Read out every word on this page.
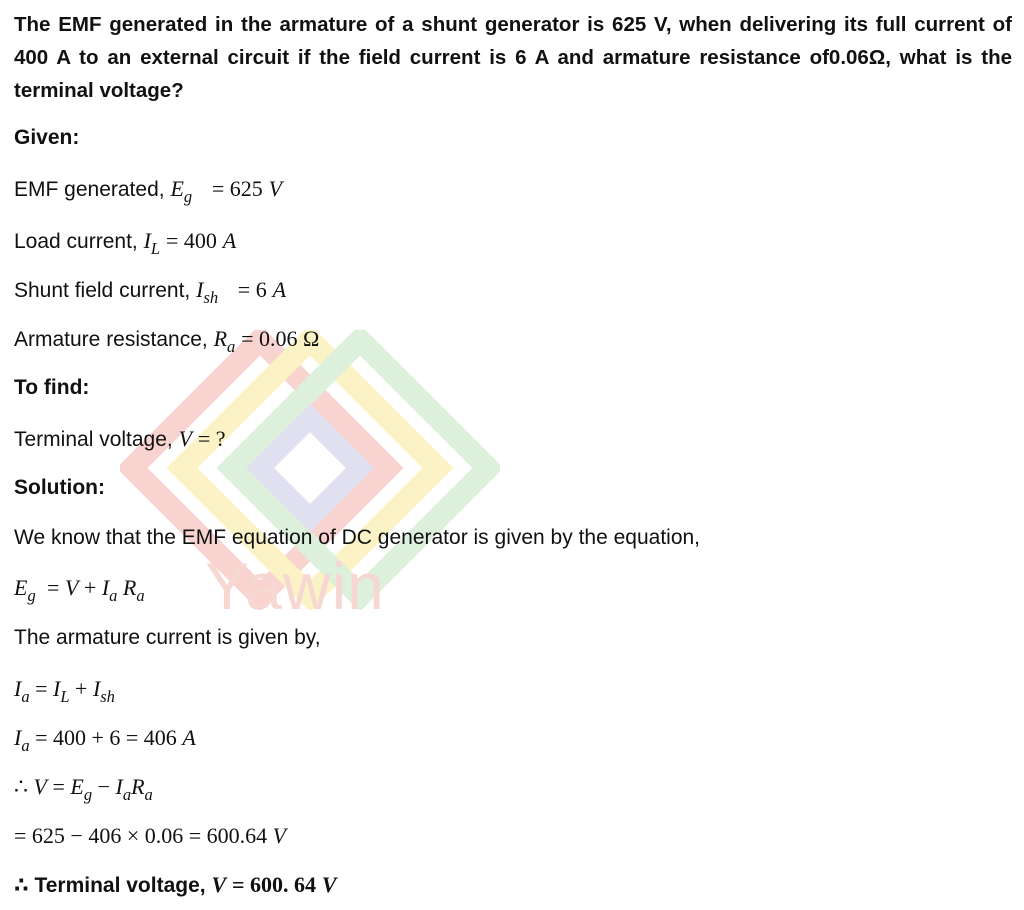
Yawin
The EMF generated in the armature of a shunt generator is 625 V, when delivering its full current of 400 A to an external circuit if the field current is 6 A and armature resistance of0.06Ω, what is the terminal voltage?
Given:
EMF generated, $E_g = 625$ V
Load current, $I_L = 400$ A
Shunt field current, $I_{sh} = 6$ A
Armature resistance, $R_a = 0.06$ Ω
To find:
Terminal voltage, V = ?
Solution:
We know that the EMF equation of DC generator is given by the equation,
$E_g = V + I_a$ $R_a$
The armature current is given by,
$I_a = I_L + I_{sh}$
$I_a = 400 + 6 = 406$ A
∴ $V = E_g - I_aR_a$
= 625 − 406 × 0.06 = 600.64 V
∴ Terminal voltage, V = 600. 64 V
